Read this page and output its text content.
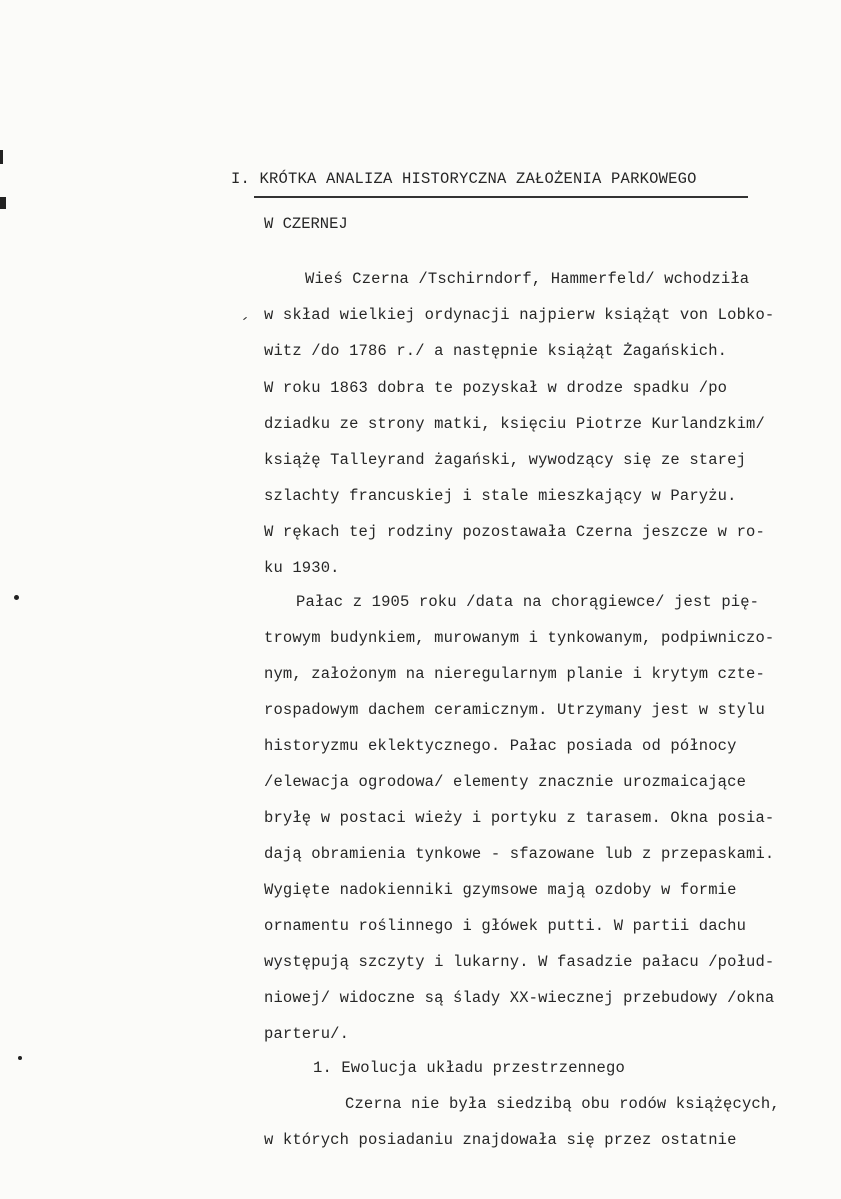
I. KRÓTKA ANALIZA HISTORYCZNA ZAŁOŻENIA PARKOWEGO
W CZERNEJ
Wieś Czerna /Tschirndorf, Hammerfeld/ wchodziła
w skład wielkiej ordynacji najpierw książąt von Lobko-
witz /do 1786 r./ a następnie książąt Żagańskich.
W roku 1863 dobra te pozyskał w drodze spadku /po
dziadku ze strony matki, księciu Piotrze Kurlandzkim/
książę Talleyrand żagański, wywodzący się ze starej
szlachty francuskiej i stale mieszkający w Paryżu.
W rękach tej rodziny pozostawała Czerna jeszcze w ro-
ku 1930.
Pałac z 1905 roku /data na chorągiewce/ jest pię-
trowym budynkiem, murowanym i tynkowanym, podpiwniczo-
nym, założonym na nieregularnym planie i krytym czte-
rospadowym dachem ceramicznym. Utrzymany jest w stylu
historyzmu eklektycznego. Pałac posiada od północy
/elewacja ogrodowa/ elementy znacznie urozmaicające
bryłę w postaci wieży i portyku z tarasem. Okna posia-
dają obramienia tynkowe - sfazowane lub z przepaskami.
Wygięte nadokienniki gzymsowe mają ozdoby w formie
ornamentu roślinnego i główek putti. W partii dachu
występują szczyty i lukarny. W fasadzie pałacu /połud-
niowej/ widoczne są ślady XX-wiecznej przebudowy /okna
parteru/.
1. Ewolucja układu przestrzennego
Czerna nie była siedzibą obu rodów książęcych,
w których posiadaniu znajdowała się przez ostatnie
